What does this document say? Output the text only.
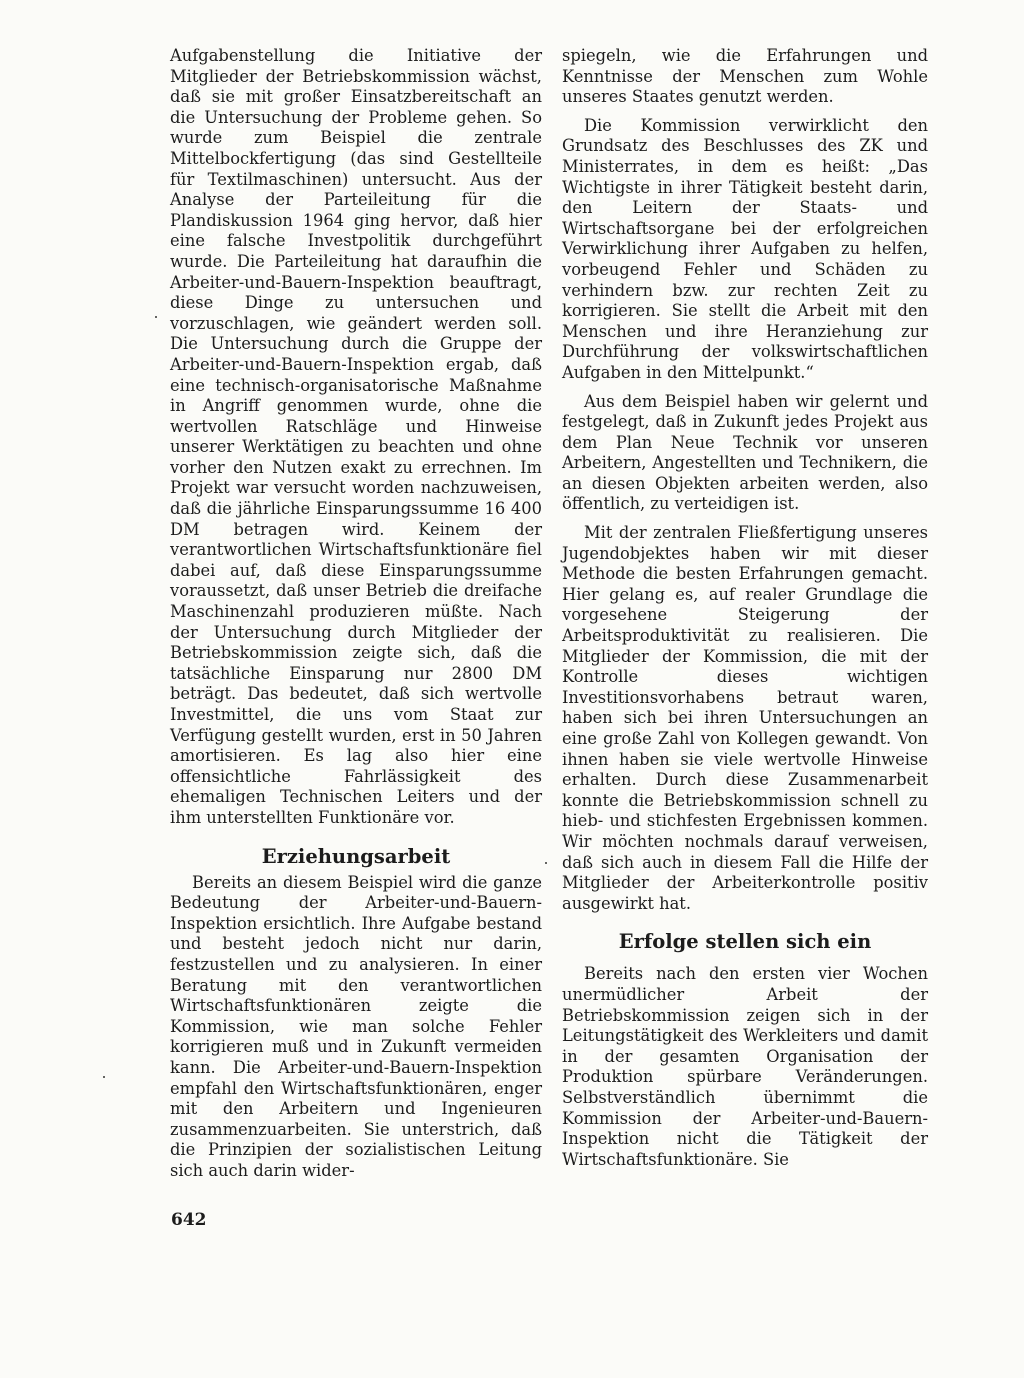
Aufgabenstellung die Initiative der Mitglieder der Betriebskommission wächst, daß sie mit großer Einsatzbereitschaft an die Untersuchung der Probleme gehen. So wurde zum Beispiel die zentrale Mittelbockfertigung (das sind Gestellteile für Textilmaschinen) untersucht. Aus der Analyse der Parteileitung für die Plandiskussion 1964 ging hervor, daß hier eine falsche Investpolitik durchgeführt wurde. Die Parteileitung hat daraufhin die Arbeiter-und-Bauern-Inspektion beauftragt, diese Dinge zu untersuchen und vorzuschlagen, wie geändert werden soll. Die Untersuchung durch die Gruppe der Arbeiter-und-Bauern-Inspektion ergab, daß eine technisch-organisatorische Maßnahme in Angriff genommen wurde, ohne die wertvollen Ratschläge und Hinweise unserer Werktätigen zu beachten und ohne vorher den Nutzen exakt zu errechnen. Im Projekt war versucht worden nachzuweisen, daß die jährliche Einsparungssumme 16 400 DM betragen wird. Keinem der verantwortlichen Wirtschaftsfunktionäre fiel dabei auf, daß diese Einsparungssumme voraussetzt, daß unser Betrieb die dreifache Maschinenzahl produzieren müßte. Nach der Untersuchung durch Mitglieder der Betriebskommission zeigte sich, daß die tatsächliche Einsparung nur 2800 DM beträgt. Das bedeutet, daß sich wertvolle Investmittel, die uns vom Staat zur Verfügung gestellt wurden, erst in 50 Jahren amortisieren. Es lag also hier eine offensichtliche Fahrlässigkeit des ehemaligen Technischen Leiters und der ihm unterstellten Funktionäre vor.

Erziehungsarbeit

Bereits an diesem Beispiel wird die ganze Bedeutung der Arbeiter-und-Bauern-Inspektion ersichtlich. Ihre Aufgabe bestand und besteht jedoch nicht nur darin, festzustellen und zu analysieren. In einer Beratung mit den verantwortlichen Wirtschaftsfunktionären zeigte die Kommission, wie man solche Fehler korrigieren muß und in Zukunft vermeiden kann. Die Arbeiter-und-Bauern-Inspektion empfahl den Wirtschaftsfunktionären, enger mit den Arbeitern und Ingenieuren zusammenzuarbeiten. Sie unterstrich, daß die Prinzipien der sozialistischen Leitung sich auch darin wider-

spiegeln, wie die Erfahrungen und Kenntnisse der Menschen zum Wohle unseres Staates genutzt werden.

Die Kommission verwirklicht den Grundsatz des Beschlusses des ZK und Ministerrates, in dem es heißt: „Das Wichtigste in ihrer Tätigkeit besteht darin, den Leitern der Staats- und Wirtschaftsorgane bei der erfolgreichen Verwirklichung ihrer Aufgaben zu helfen, vorbeugend Fehler und Schäden zu verhindern bzw. zur rechten Zeit zu korrigieren. Sie stellt die Arbeit mit den Menschen und ihre Heranziehung zur Durchführung der volkswirtschaftlichen Aufgaben in den Mittelpunkt.“

Aus dem Beispiel haben wir gelernt und festgelegt, daß in Zukunft jedes Projekt aus dem Plan Neue Technik vor unseren Arbeitern, Angestellten und Technikern, die an diesen Objekten arbeiten werden, also öffentlich, zu verteidigen ist.

Mit der zentralen Fließfertigung unseres Jugendobjektes haben wir mit dieser Methode die besten Erfahrungen gemacht. Hier gelang es, auf realer Grundlage die vorgesehene Steigerung der Arbeitsproduktivität zu realisieren. Die Mitglieder der Kommission, die mit der Kontrolle dieses wichtigen Investitionsvorhabens betraut waren, haben sich bei ihren Untersuchungen an eine große Zahl von Kollegen gewandt. Von ihnen haben sie viele wertvolle Hinweise erhalten. Durch diese Zusammenarbeit konnte die Betriebskommission schnell zu hieb- und stichfesten Ergebnissen kommen. Wir möchten nochmals darauf verweisen, daß sich auch in diesem Fall die Hilfe der Mitglieder der Arbeiterkontrolle positiv ausgewirkt hat.

Erfolge stellen sich ein

Bereits nach den ersten vier Wochen unermüdlicher Arbeit der Betriebskommission zeigen sich in der Leitungstätigkeit des Werkleiters und damit in der gesamten Organisation der Produktion spürbare Veränderungen. Selbstverständlich übernimmt die Kommission der Arbeiter-und-Bauern-Inspektion nicht die Tätigkeit der Wirtschaftsfunktionäre. Sie

642
